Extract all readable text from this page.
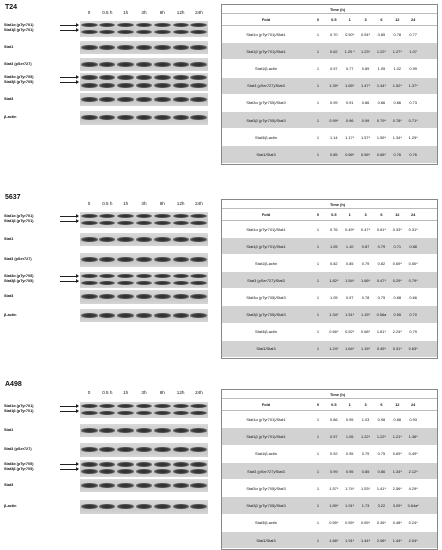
T24
5637
A498
0	0.5 h	1h	3h	6h	12h	24h
Stat1α (pTyr701)
Stat1β (pTyr701)
Stat1
Stat3 (pSer727)
Stat3α (pTyr705)
Stat3β (pTyr705)
Stat3
β-actin
Time (h)
Fold	0	0.5	1	3	6	12	24
Stat1α (pTyr701)/Stat1	1	0.70	0.50*	0.54*	0.85	0.78	0.77
Stat1β (pTyr701)/Stat1	1	0.62	1.20 *	1.23*	1.22*	1.27*	1.07
Stat1/β-actin	1	0.97	0.77	0.89	1.05	1.02	0.99
Stat3 (pSer727)/Stat3	1	1.39*	1.65*	1.47*	1.44*	1.52*	1.37*
Stat3α (pTyr705)/Stat3	1	0.99	0.91	0.86	0.86	0.86	0.73
Stat3β (pTyr705)/Stat3	1	0.99*	0.96	0.99	0.79*	0.78*	0.71*
Stat3/β-actin	1	1.14	1.17*	1.57*	1.55*	1.34*	1.29*
Stat1/Stat3	1	0.85	0.66*	0.56*	0.68*	0.76	0.76
0	0.5 h	1h	3h	6h	12h	24h
Stat1α (pTyr701)
Stat1β (pTyr701)
Stat1
Stat3 (pSer727)
Stat3α (pTyr705)
Stat3β (pTyr705)
Stat3
β-actin
Time (h)
Fold	0	0.5	1	3	6	12	24
Stat1α (pTyr701)/Stat1	1	0.76	0.49*	0.47*	0.61*	0.33*	0.31*
Stat1β (pTyr701)/Stat1	1	1.05	1.10	0.87	0.79	0.71	0.88
Stat1/β-actin	1	0.82	0.85	0.79	0.82	0.69*	0.50*
Stat3 (pSer727)/Stat3	1	1.82*	1.54*	1.66*	0.47*	0.29*	0.79*
Stat3α (pTyr705)/Stat3	1	1.05	0.97	0.78	0.75	0.88	0.66
Stat3β (pTyr705)/Stat3	1	1.34*	1.51*	1.15*	0.56a	0.55	0.70
Stat3/β-actin	1	0.66*	0.52*	0.68*	1.81*	2.24*	0.79
Stat1/Stat3	1	1.24*	1.64*	1.15*	0.45*	0.31*	0.63*
0	0.5 h	1h	3h	6h	12h	24h
Stat1α (pTyr701)
Stat1β (pTyr701)
Stat1
Stat3 (pSer727)
Stat3α (pTyr705)
Stat3β (pTyr705)
Stat3
β-actin
Time (h)
Fold	0	0.5	1	3	6	12	24
Stat1α (pTyr701)/Stat1	1	0.86	0.95	1.03	0.98	0.88	0.93
Stat1β (pTyr701)/Stat1	1	0.97	1.06	1.22*	1.22*	1.21*	1.36*
Stat1/β-actin	1	0.92	0.95	0.79	0.75	0.69*	0.49*
Stat3 (pSer727)/Stat3	1	0.99	0.95	0.85	0.86	1.34*	2.12*
Stat3α (pTyr705)/Stat3	1	1.57*	1.74*	1.53*	1.41*	2.56*	4.29*
Stat3β (pTyr705)/Stat3	1	1.89*	1.91*	1.73	3.22	3.09*	3.64a*
Stat3/β-actin	1	0.55*	0.55*	0.65*	0.36*	0.48*	0.24*
Stat1/Stat3	1	1.66*	1.91*	1.44*	2.08*	1.44*	2.04*
